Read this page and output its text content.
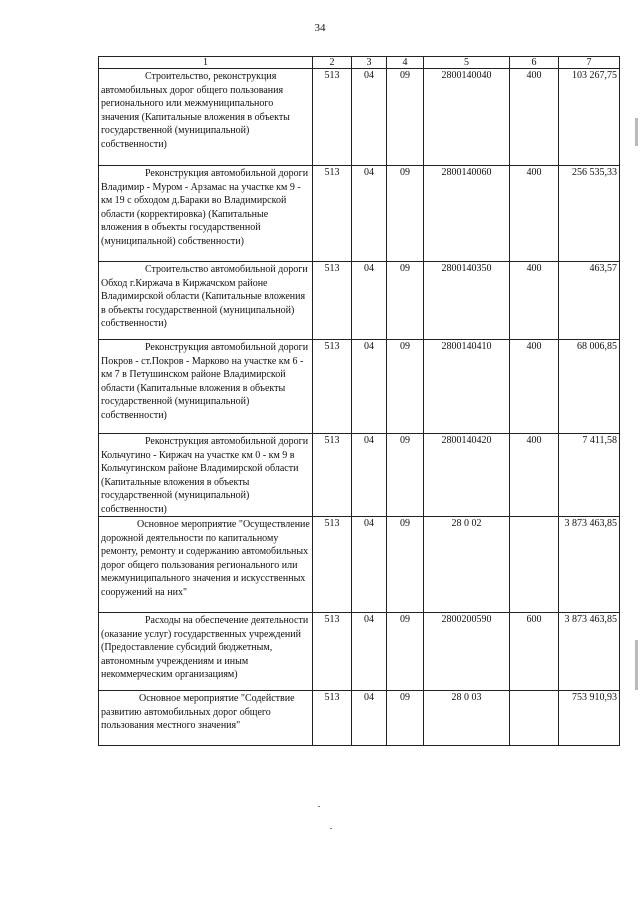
34
1	2	3	4	5	6	7

Строительство, реконструкция автомобильных дорог общего пользования регионального или межмуниципального значения (Капитальные вложения в объекты государственной (муниципальной) собственности)	513	04	09	2800140040	400	103 267,75

Реконструкция автомобильной дороги Владимир - Муром - Арзамас на участке км 9 - км 19 с обходом д.Бараки во Владимирской области (корректировка) (Капитальные вложения в объекты государственной (муниципальной) собственности)	513	04	09	2800140060	400	256 535,33

Строительство автомобильной дороги Обход г.Киржача в Киржачском районе Владимирской области (Капитальные вложения в объекты государственной (муниципальной) собственности)	513	04	09	2800140350	400	463,57

Реконструкция автомобильной дороги Покров - ст.Покров - Марково на участке км 6 - км 7 в Петушинском районе Владимирской области (Капитальные вложения в объекты государственной (муниципальной) собственности)	513	04	09	2800140410	400	68 006,85

Реконструкция автомобильной дороги Кольчугино - Киржач на участке км 0 - км 9 в Кольчугинском районе Владимирской области (Капитальные вложения в объекты государственной (муниципальной) собственности)	513	04	09	2800140420	400	7 411,58

Основное мероприятие "Осуществление дорожной деятельности по капитальному ремонту, ремонту и содержанию автомобильных дорог общего пользования регионального или межмуниципального значения и искусственных сооружений на них"	513	04	09	28 0 02		3 873 463,85

Расходы на обеспечение деятельности (оказание услуг) государственных учреждений (Предоставление субсидий бюджетным, автономным учреждениям и иным некоммерческим организациям)	513	04	09	2800200590	600	3 873 463,85

Основное мероприятие "Содействие развитию автомобильных дорог общего пользования местного значения"	513	04	09	28 0 03		753 910,93
